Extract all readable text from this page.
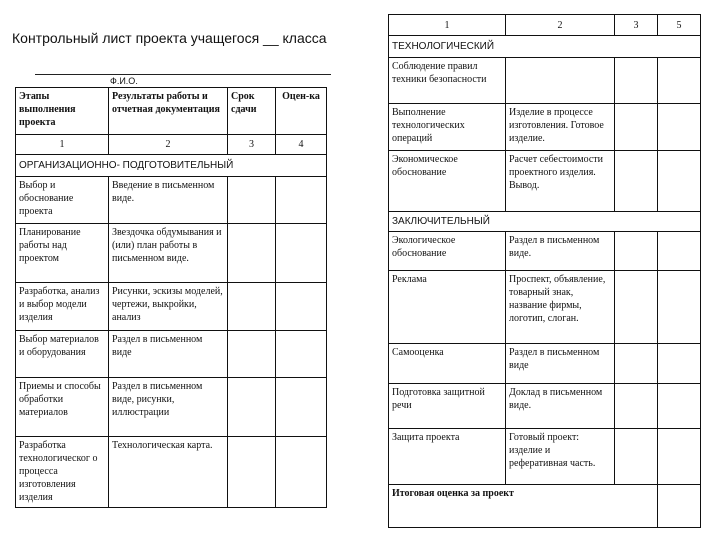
Контрольный лист проекта учащегося __ класса
Ф.И.О.
Этапы выполнения проекта	Результаты работы и отчетная документация	Срок сдачи	Оцен-ка
1	2	3	4
ОРГАНИЗАЦИОННО- ПОДГОТОВИТЕЛЬНЫЙ			
Выбор и обоснование проекта	Введение в письменном виде.		
Планирование работы над проектом	Звездочка обдумывания и (или) план работы в письменном виде.		
Разработка, анализ и выбор модели изделия	Рисунки, эскизы моделей, чертежи, выкройки, анализ		
Выбор материалов и оборудования	Раздел в письменном виде		
Приемы и способы обработки материалов	Раздел в письменном виде, рисунки, иллюстрации		
Разработка технологическог о процесса изготовления изделия	Технологическая карта.		
1	2	3	5
ТЕХНОЛОГИЧЕСКИЙ			
Соблюдение правил техники безопасности			
Выполнение технологических операций	Изделие в процессе изготовления. Готовое изделие.		
Экономическое обоснование	Расчет себестоимости проектного изделия. Вывод.		
ЗАКЛЮЧИТЕЛЬНЫЙ			
Экологическое обоснование	Раздел в письменном виде.		
Реклама	Проспект, объявление, товарный знак, название фирмы, логотип, слоган.		
Самооценка	Раздел в письменном виде		
Подготовка защитной речи	Доклад в письменном виде.		
Защита проекта	Готовый проект: изделие и реферативная часть.		
Итоговая оценка за проект			
